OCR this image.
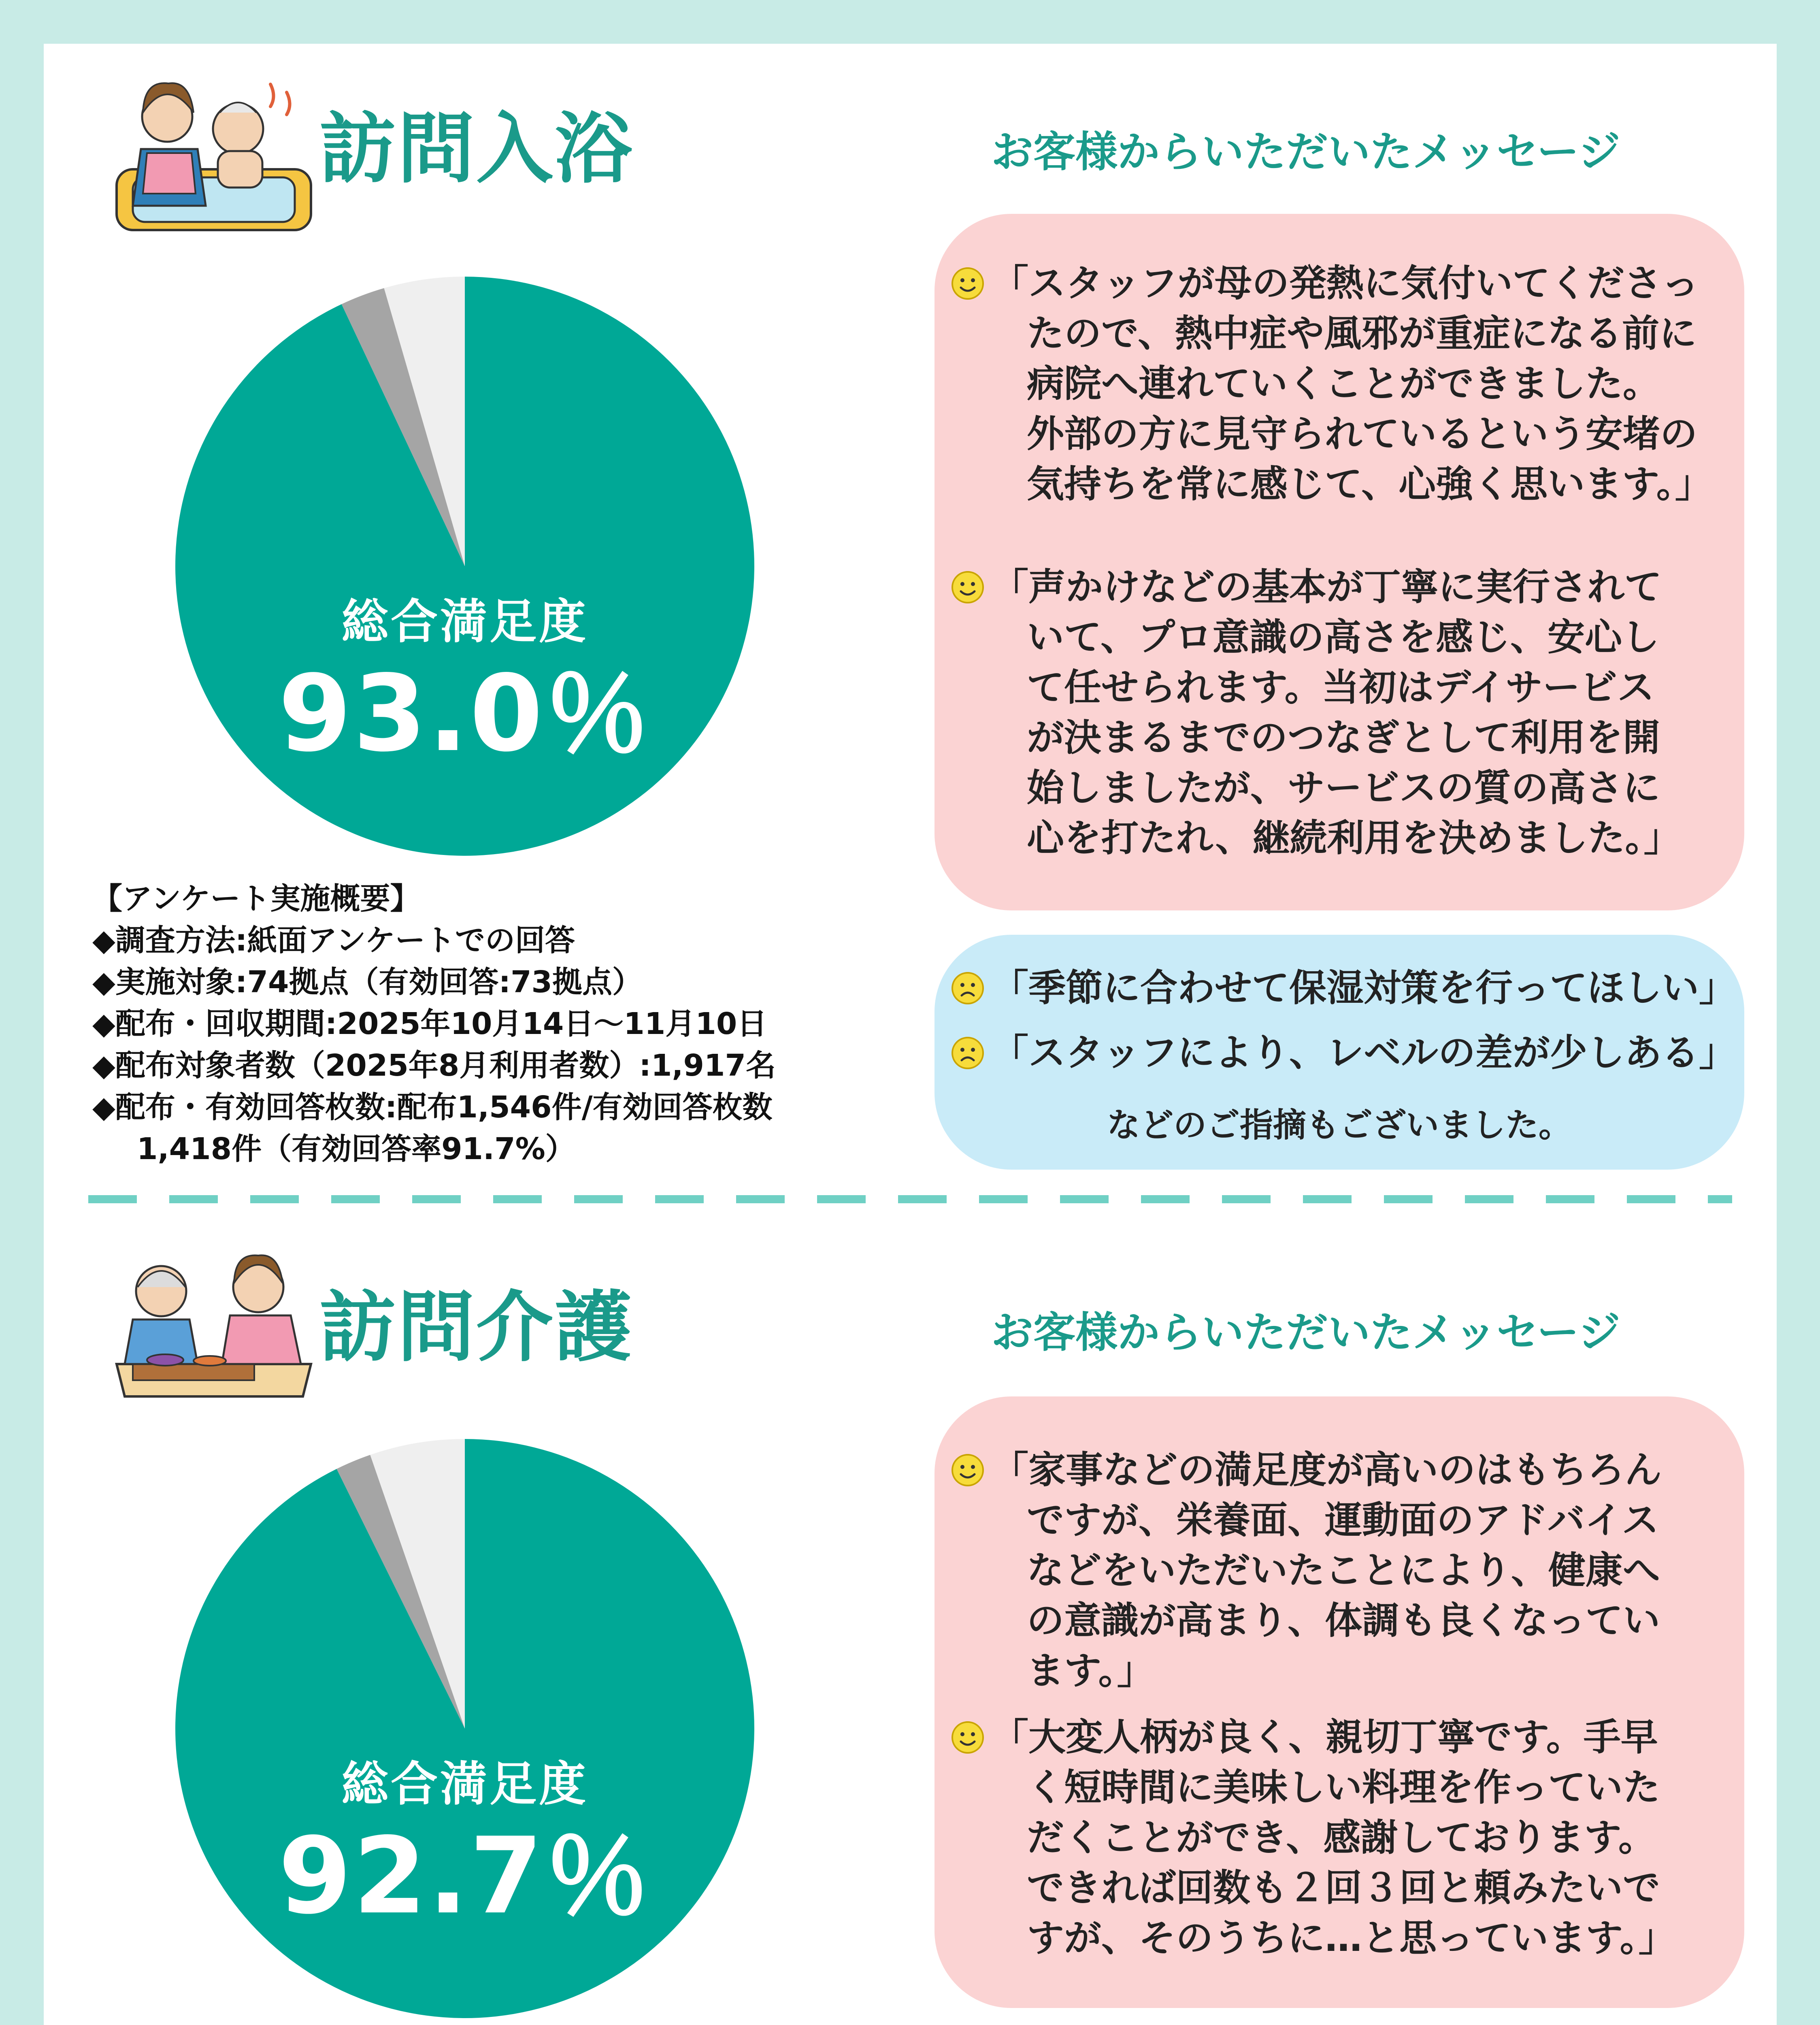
訪問入浴	お客様からいただいたメッセージ
総合満足度
93.0％
【アンケート実施概要】
◆調査方法:紙面アンケートでの回答
◆実施対象:74拠点（有効回答:73拠点）
◆配布・回収期間:2025年10月14日～11月10日
◆配布対象者数（2025年8月利用者数）:1,917名
◆配布・有効回答枚数:配布1,546件/有効回答枚数
1,418件（有効回答率91.7%）
「スタッフが母の発熱に気付いてくださっ
たので、熱中症や風邪が重症になる前に
病院へ連れていくことができました。
外部の方に見守られているという安堵の
気持ちを常に感じて、心強く思います。」
「声かけなどの基本が丁寧に実行されて
いて、プロ意識の高さを感じ、安心し
て任せられます。当初はデイサービス
が決まるまでのつなぎとして利用を開
始しましたが、サービスの質の高さに
心を打たれ、継続利用を決めました。」
「季節に合わせて保湿対策を行ってほしい」
「スタッフにより、レベルの差が少しある」
などのご指摘もございました。
訪問介護	お客様からいただいたメッセージ
総合満足度
92.7％
「家事などの満足度が高いのはもちろん
ですが、栄養面、運動面のアドバイス
などをいただいたことにより、健康へ
の意識が高まり、体調も良くなってい
ます。」
「大変人柄が良く、親切丁寧です。手早
く短時間に美味しい料理を作っていた
だくことができ、感謝しております。
できれば回数も２回３回と頼みたいで
すが、そのうちに…と思っています。」
